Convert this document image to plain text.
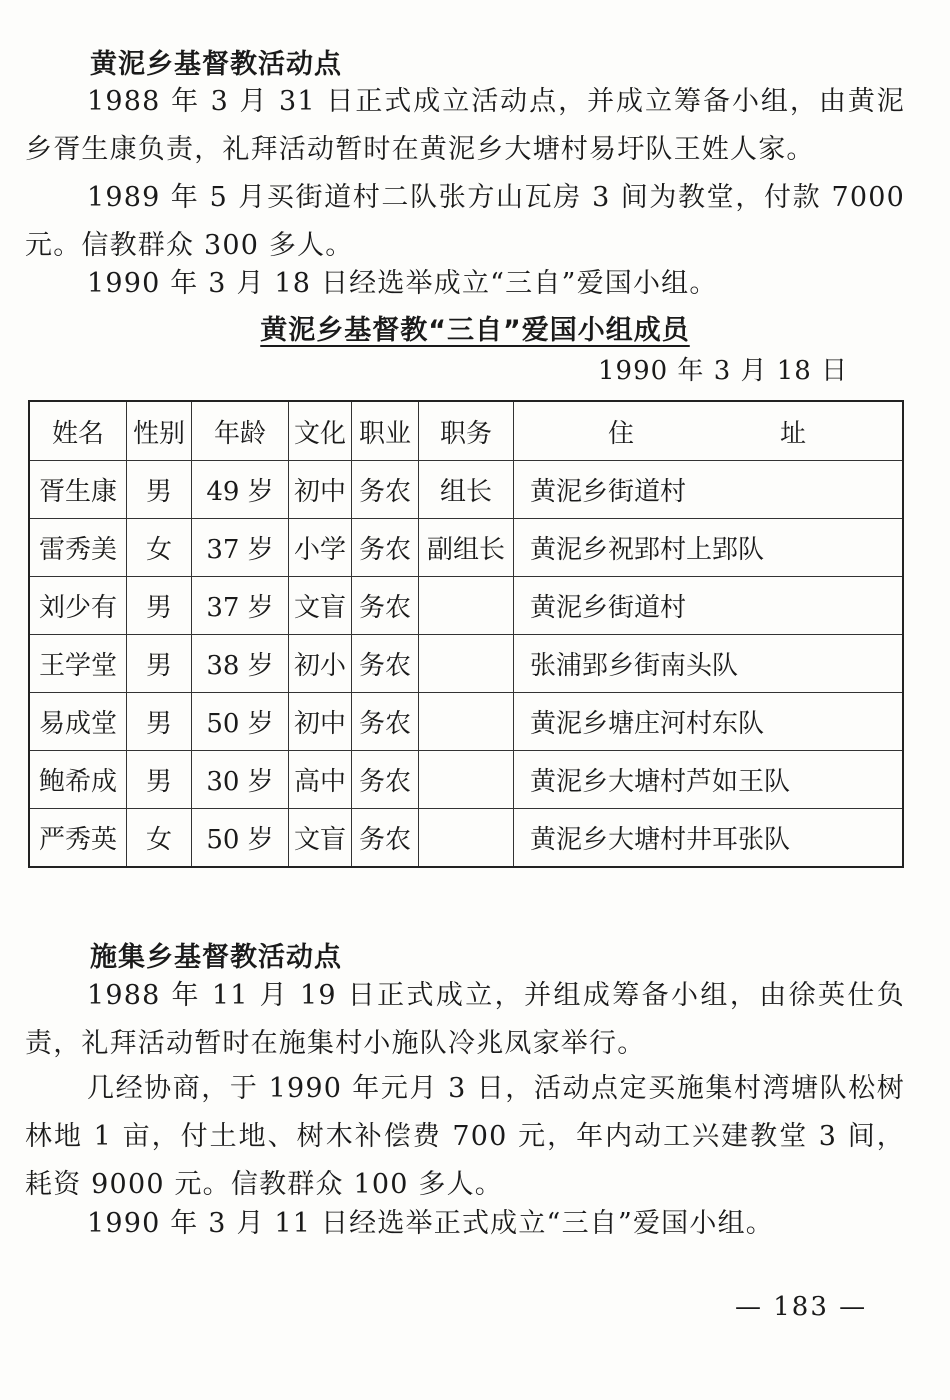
黄泥乡基督教活动点

1988 年 3 月 31 日正式成立活动点，并成立筹备小组，由黄泥乡胥生康负责，礼拜活动暂时在黄泥乡大塘村易圩队王姓人家。

1989 年 5 月买街道村二队张方山瓦房 3 间为教堂，付款 7000 元。信教群众 300 多人。

1990 年 3 月 18 日经选举成立“三自”爱国小组。

黄泥乡基督教“三自”爱国小组成员
1990 年 3 月 18 日
姓名	性别	年龄	文化	职业	职务	住　址
胥生康	男	49 岁	初中	务农	组长	黄泥乡街道村
雷秀美	女	37 岁	小学	务农	副组长	黄泥乡祝郢村上郢队
刘少有	男	37 岁	文盲	务农		黄泥乡街道村
王学堂	男	38 岁	初小	务农		张浦郢乡街南头队
易成堂	男	50 岁	初中	务农		黄泥乡塘庄河村东队
鲍希成	男	30 岁	高中	务农		黄泥乡大塘村芦如王队
严秀英	女	50 岁	文盲	务农		黄泥乡大塘村井耳张队
施集乡基督教活动点

1988 年 11 月 19 日正式成立，并组成筹备小组，由徐英仕负责，礼拜活动暂时在施集村小施队冷兆凤家举行。

几经协商，于 1990 年元月 3 日，活动点定买施集村湾塘队松树林地 1 亩，付土地、树木补偿费 700 元，年内动工兴建教堂 3 间，耗资 9000 元。信教群众 100 多人。

1990 年 3 月 11 日经选举正式成立“三自”爱国小组。

— 183 —
